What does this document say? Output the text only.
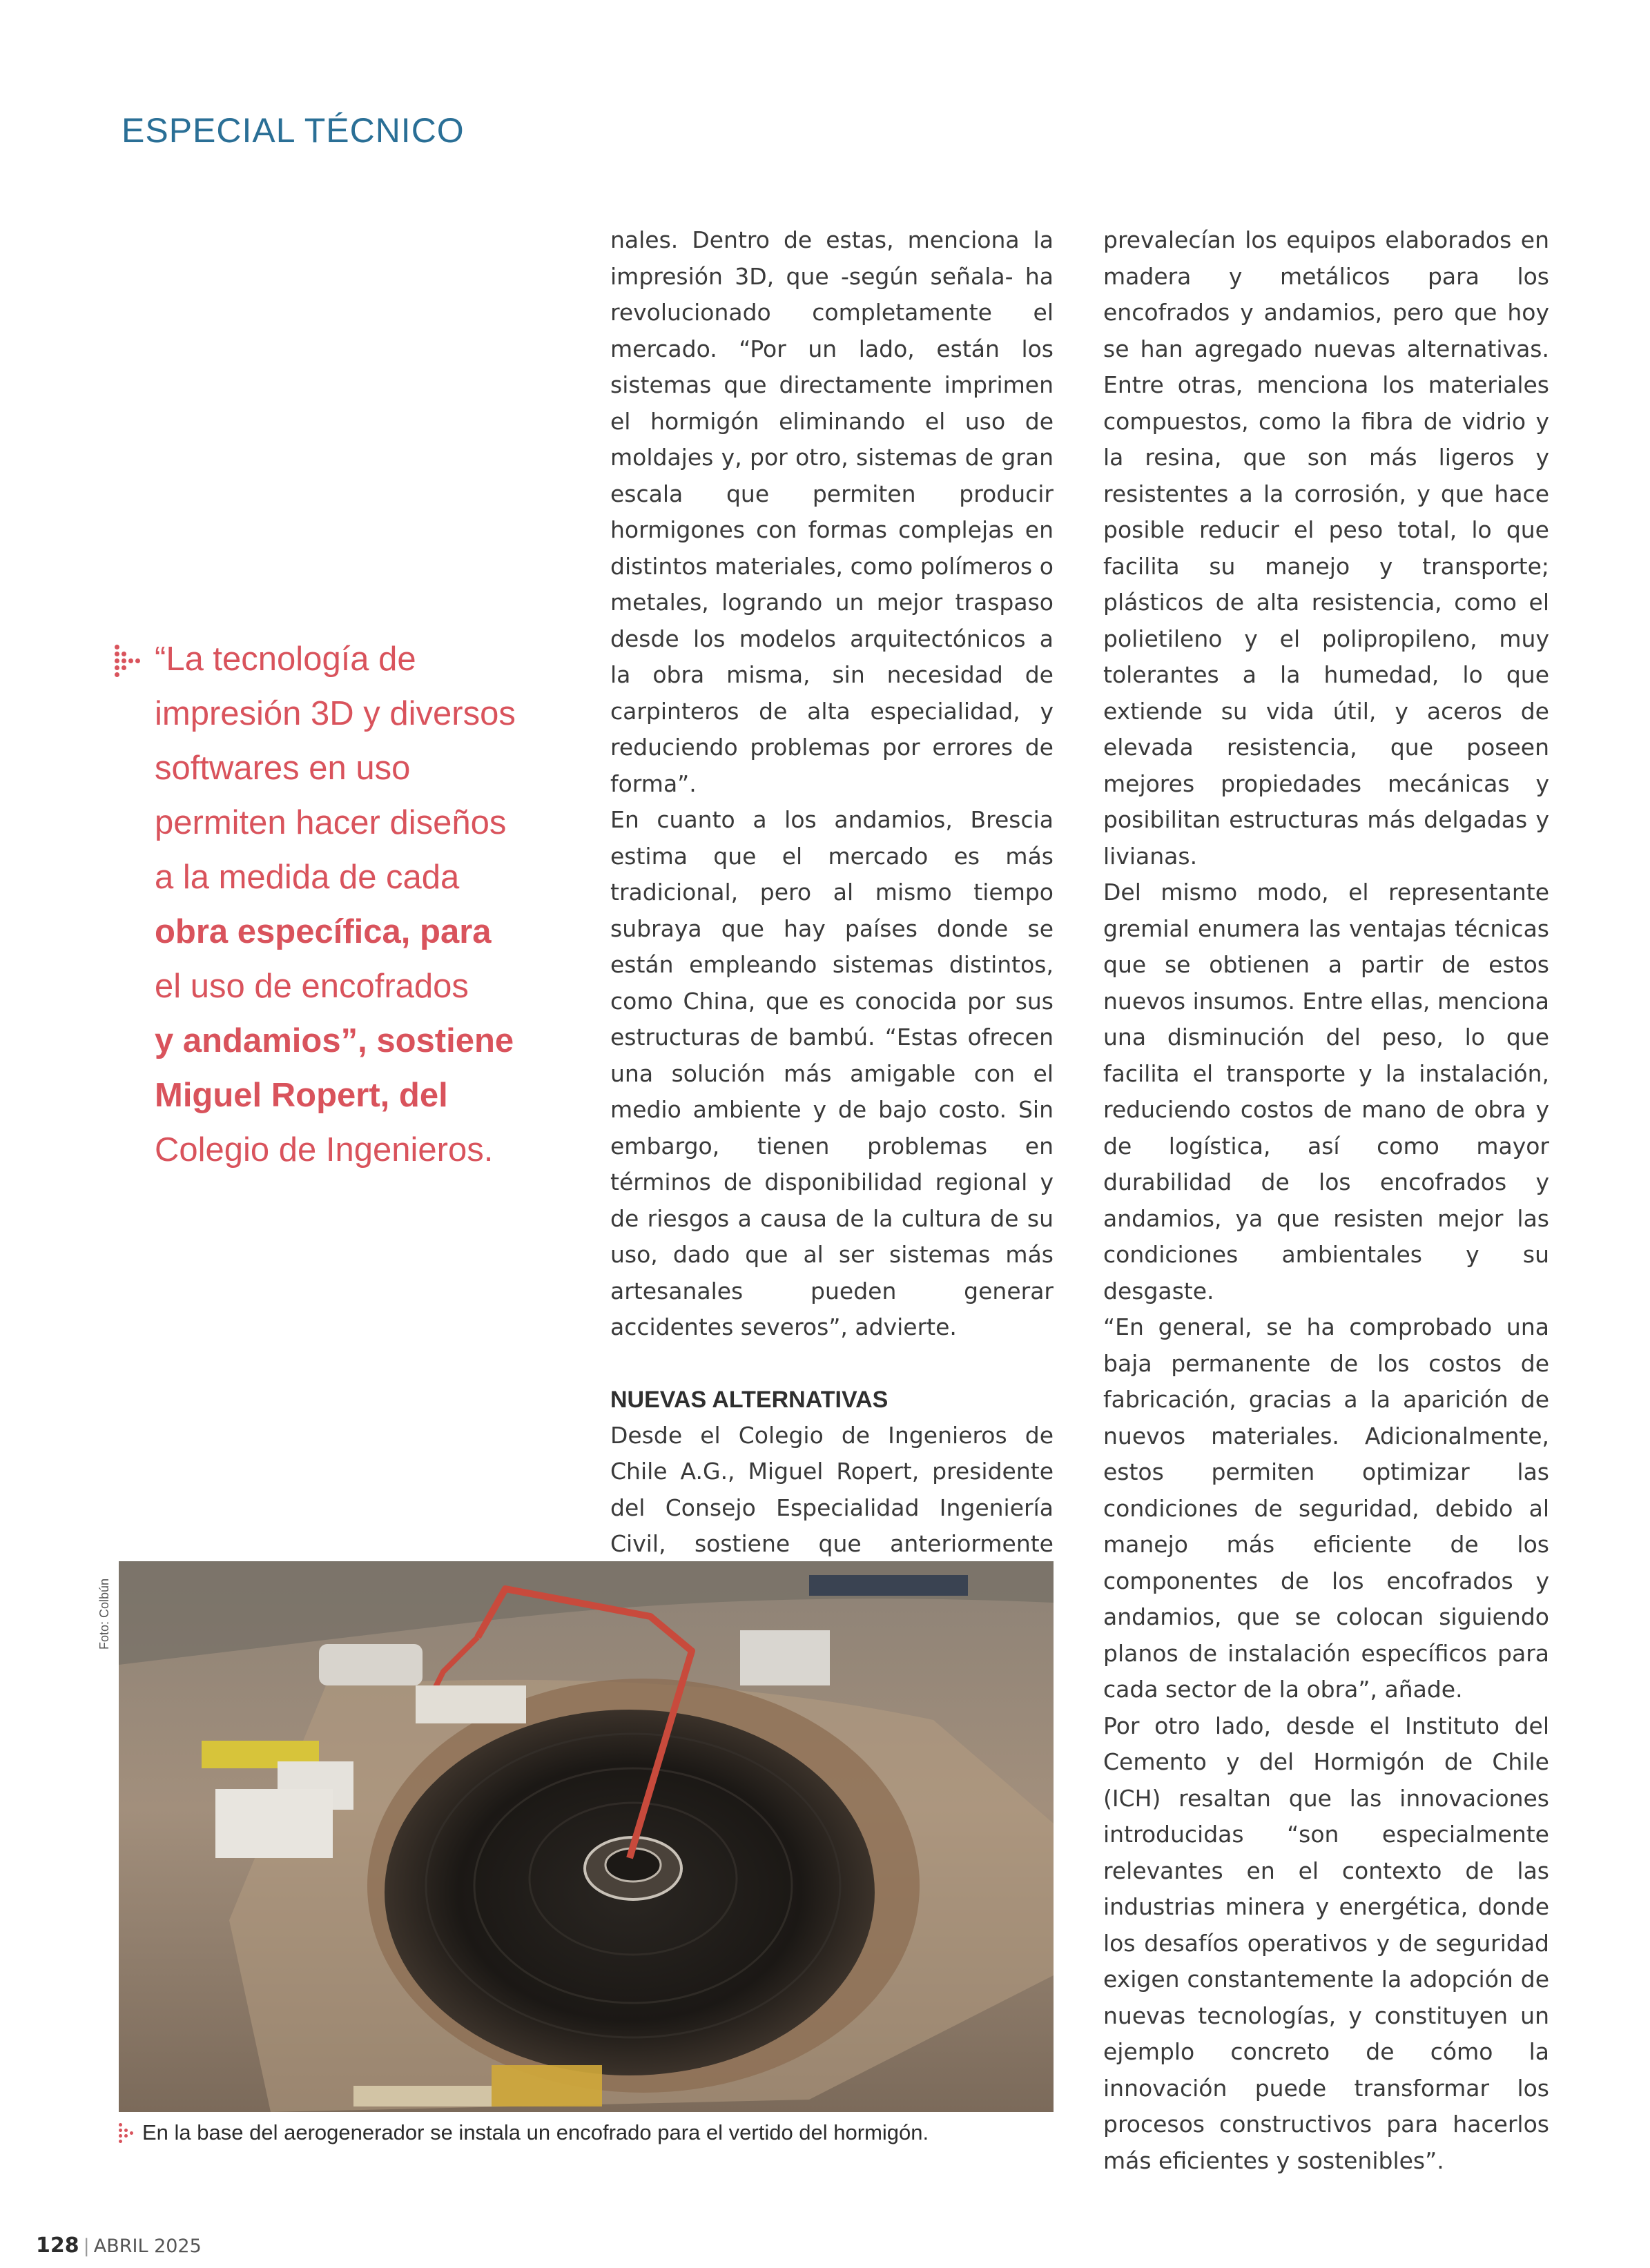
ESPECIAL TÉCNICO

“La tecnología de
impresión 3D y diversos
softwares en uso
permiten hacer diseños
a la medida de cada
obra específica, para
el uso de encofrados
y andamios”, sostiene
Miguel Ropert, del
Colegio de Ingenieros.

nales. Dentro de estas, menciona la impresión 3D, que -según señala- ha revolucionado completamente el mercado. “Por un lado, están los sistemas que directamente imprimen el hormigón eliminando el uso de moldajes y, por otro, sistemas de gran escala que permiten producir hormigones con formas complejas en distintos materiales, como polímeros o metales, logrando un mejor traspaso desde los modelos arquitectónicos a la obra misma, sin necesidad de carpinteros de alta especialidad, y reduciendo problemas por errores de forma”.

En cuanto a los andamios, Brescia estima que el mercado es más tradicional, pero al mismo tiempo subraya que hay países donde se están empleando sistemas distintos, como China, que es conocida por sus estructuras de bambú. “Estas ofrecen una solución más amigable con el medio ambiente y de bajo costo. Sin embargo, tienen problemas en términos de disponibilidad regional y de riesgos a causa de la cultura de su uso, dado que al ser sistemas más artesanales pueden generar accidentes severos”, advierte.

NUEVAS ALTERNATIVAS

Desde el Colegio de Ingenieros de Chile A.G., Miguel Ropert, presidente del Consejo Especialidad Ingeniería Civil, sostiene que anteriormente

prevalecían los equipos elaborados en madera y metálicos para los encofrados y andamios, pero que hoy se han agregado nuevas alternativas. Entre otras, menciona los materiales compuestos, como la fibra de vidrio y la resina, que son más ligeros y resistentes a la corrosión, y que hace posible reducir el peso total, lo que facilita su manejo y transporte; plásticos de alta resistencia, como el polietileno y el polipropileno, muy tolerantes a la humedad, lo que extiende su vida útil, y aceros de elevada resistencia, que poseen mejores propiedades mecánicas y posibilitan estructuras más delgadas y livianas.

Del mismo modo, el representante gremial enumera las ventajas técnicas que se obtienen a partir de estos nuevos insumos. Entre ellas, menciona una disminución del peso, lo que facilita el transporte y la instalación, reduciendo costos de mano de obra y de logística, así como mayor durabilidad de los encofrados y andamios, ya que resisten mejor las condiciones ambientales y su desgaste.

“En general, se ha comprobado una baja permanente de los costos de fabricación, gracias a la aparición de nuevos materiales. Adicionalmente, estos permiten optimizar las condiciones de seguridad, debido al manejo más eficiente de los componentes de los encofrados y andamios, que se colocan siguiendo planos de instalación específicos para cada sector de la obra”, añade.

Por otro lado, desde el Instituto del Cemento y del Hormigón de Chile (ICH) resaltan que las innovaciones introducidas “son especialmente relevantes en el contexto de las industrias minera y energética, donde los desafíos operativos y de seguridad exigen constantemente la adopción de nuevas tecnologías, y constituyen un ejemplo concreto de cómo la innovación puede transformar los procesos constructivos para hacerlos más eficientes y sostenibles”.

Foto: Colbún
En la base del aerogenerador se instala un encofrado para el vertido del hormigón.
128 | ABRIL 2025
